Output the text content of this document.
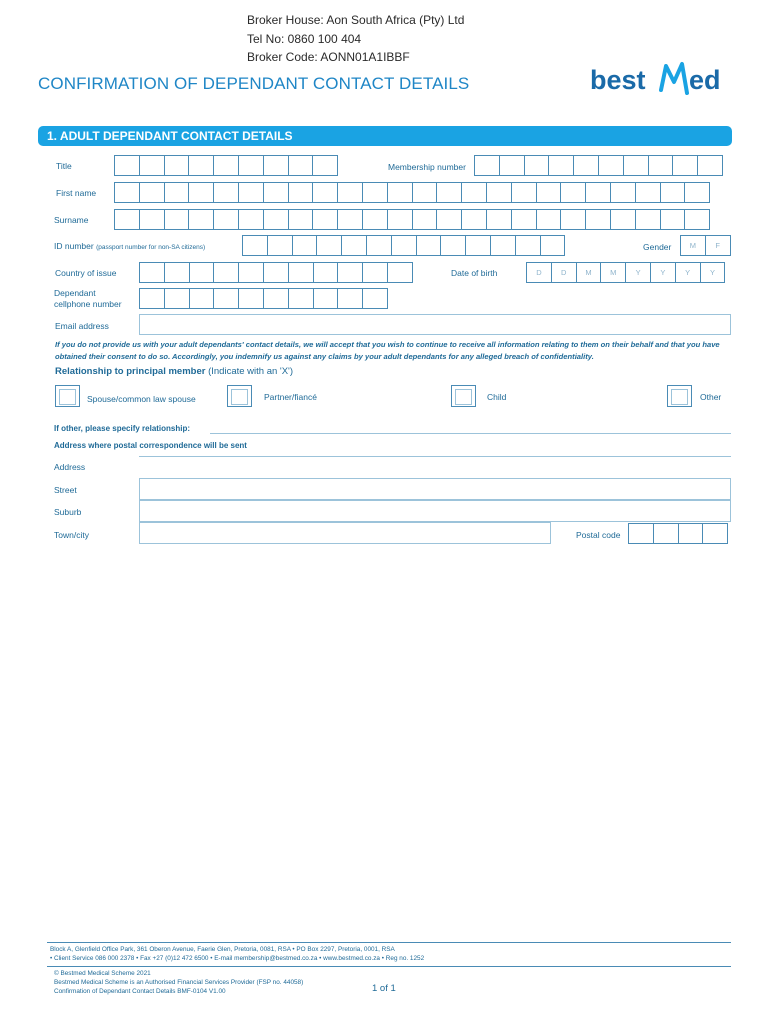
Broker House: Aon South Africa (Pty) Ltd
Tel No: 0860 100 404
Broker Code: AONN01A1IBBF
CONFIRMATION OF DEPENDANT CONTACT DETAILS	best ed
1. ADULT DEPENDANT CONTACT DETAILS
Title	Membership number
First name
Surname
ID number (passport number for non-SA citizens)	Gender	M	F
Country of issue	Date of birth	D	D	M	M	Y	Y	Y	Y
Dependant
cellphone number
Email address
If you do not provide us with your adult dependants' contact details, we will accept that you wish to continue to receive all information relating to them on their behalf and that you have obtained their consent to do so. Accordingly, you indemnify us against any claims by your adult dependants for any alleged breach of confidentiality.
Relationship to principal member (Indicate with an 'X')
Spouse/common law spouse	Partner/fiancé	Child	Other
If other, please specify relationship:
Address where postal correspondence will be sent
Address
Street
Suburb
Town/city	Postal code
Block A, Glenfield Office Park, 361 Oberon Avenue, Faerie Glen, Pretoria, 0081, RSA • PO Box 2297, Pretoria, 0001, RSA
• Client Service 086 000 2378 • Fax +27 (0)12 472 6500 • E-mail membership@bestmed.co.za • www.bestmed.co.za • Reg no. 1252
© Bestmed Medical Scheme 2021
Bestmed Medical Scheme is an Authorised Financial Services Provider (FSP no. 44058)
Confirmation of Dependant Contact Details BMF-0104 V1.00	1 of 1
